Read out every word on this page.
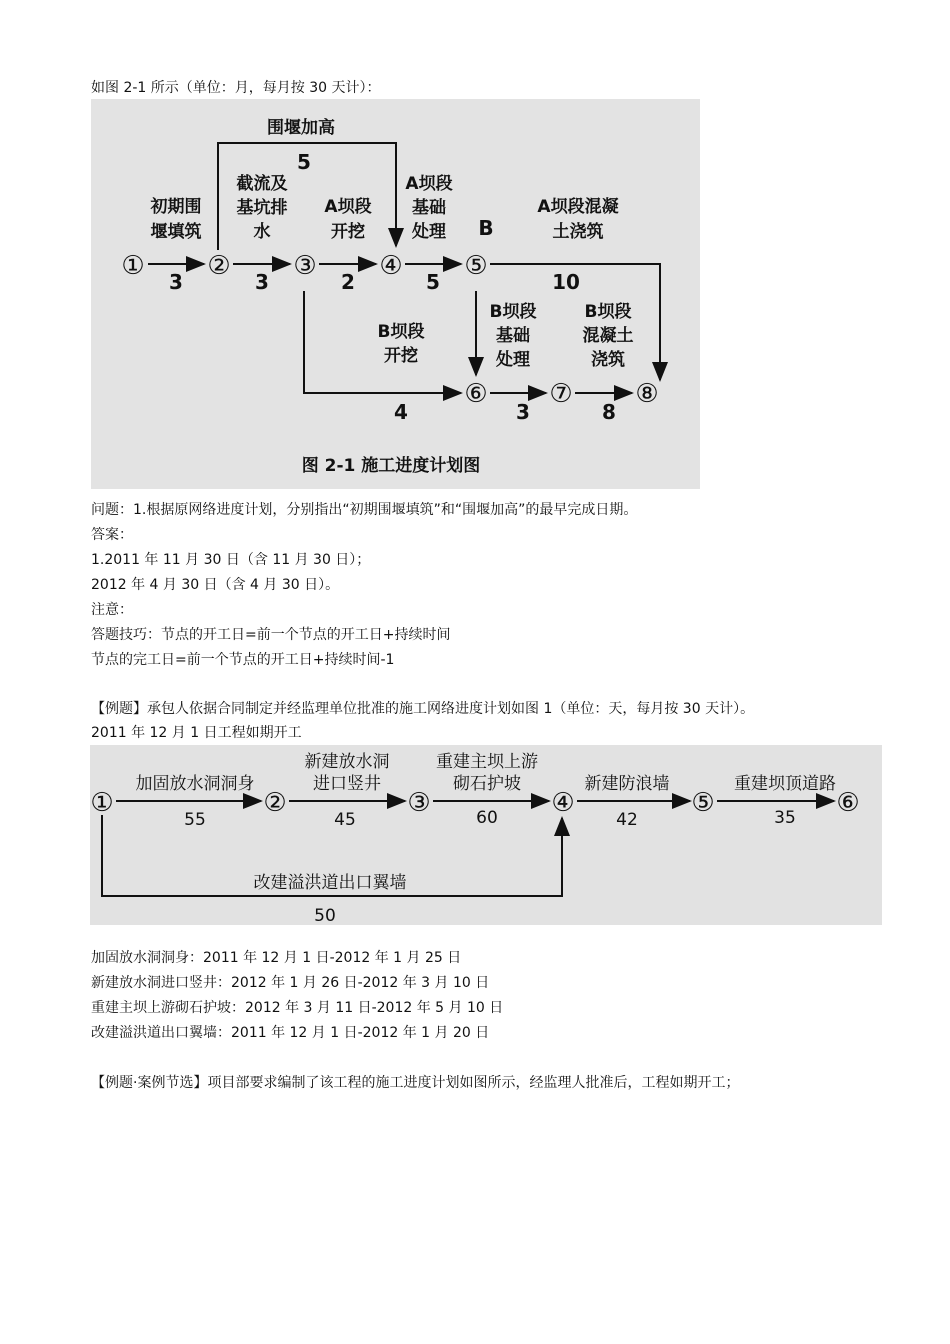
如图 2-1 所示（单位：月，每月按 30 天计）：
① ② ③ ④ ⑤
⑥ ⑦ ⑧
初期围
堰填筑
截流及
基坑排
水
A坝段
开挖
A坝段
基础
处理
A坝段混凝
土浇筑
B坝段
开挖
B坝段
基础
处理
B坝段
混凝土
浇筑
围堰加高
B
3	3	2	5	10
4	3	8
5
图 2-1 施工进度计划图
问题：1.根据原网络进度计划，分别指出“初期围堰填筑”和“围堰加高”的最早完成日期。
答案：
1.2011 年 11 月 30 日（含 11 月 30 日）；
2012 年 4 月 30 日（含 4 月 30 日）。
注意：
答题技巧：节点的开工日=前一个节点的开工日+持续时间
节点的完工日=前一个节点的开工日+持续时间-1
【例题】承包人依据合同制定并经监理单位批准的施工网络进度计划如图 1（单位：天，每月按 30 天计）。
2011 年 12 月 1 日工程如期开工
①	②	③	④	⑤	⑥
加固放水洞洞身
新建放水洞
进口竖井
重建主坝上游
砌石护坡	新建防浪墙	重建坝顶道路
改建溢洪道出口翼墙
55	45	60	42	35
50
加固放水洞洞身：2011 年 12 月 1 日-2012 年 1 月 25 日
新建放水洞进口竖井：2012 年 1 月 26 日-2012 年 3 月 10 日
重建主坝上游砌石护坡：2012 年 3 月 11 日-2012 年 5 月 10 日
改建溢洪道出口翼墙：2011 年 12 月 1 日-2012 年 1 月 20 日
【例题·案例节选】项目部要求编制了该工程的施工进度计划如图所示，经监理人批准后，工程如期开工；
